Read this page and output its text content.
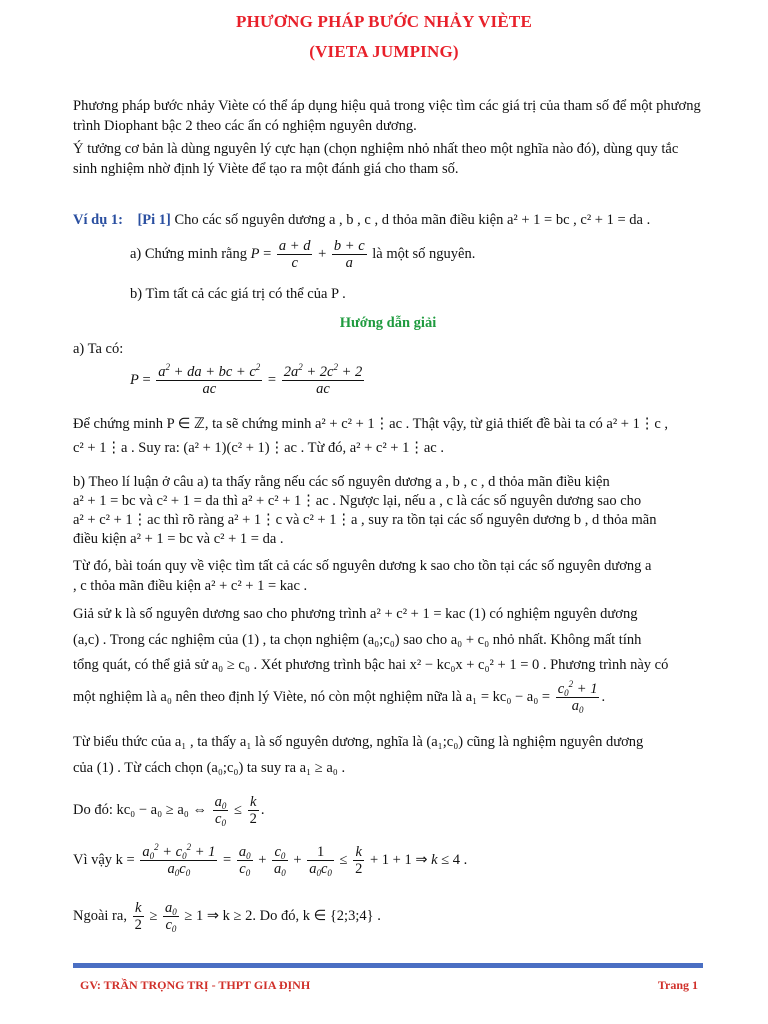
PHƯƠNG PHÁP BƯỚC NHẢY VIÈTE
(VIETA JUMPING)
Phương pháp bước nhảy Viète có thể áp dụng hiệu quả trong việc tìm các giá trị của tham số để một phương trình Diophant bậc 2 theo các ẩn có nghiệm nguyên dương.
Ý tưởng cơ bản là dùng nguyên lý cực hạn (chọn nghiệm nhỏ nhất theo một nghĩa nào đó), dùng quy tắc sinh nghiệm nhờ định lý Viète để tạo ra một đánh giá cho tham số.
Ví dụ 1: [Pi 1] Cho các số nguyên dương a , b , c , d thỏa mãn điều kiện a² + 1 = bc , c² + 1 = da .
a) Chứng minh rằng $P = \frac{a + d}{c} + \frac{b + c}{a}$ là một số nguyên.
b) Tìm tất cả các giá trị có thể của P .
Hướng dẫn giải
a) Ta có:
$P = \frac{a^2 + da + bc + c^2}{ac} = \frac{2a^2 + 2c^2 + 2}{ac}$
Để chứng minh P ∈ ℤ, ta sẽ chứng minh a² + c² + 1⋮ac . Thật vậy, từ giả thiết đề bài ta có a² + 1⋮c ,
c² + 1⋮a . Suy ra: (a² + 1)(c² + 1)⋮ac . Từ đó, a² + c² + 1⋮ac .
b) Theo lí luận ở câu a) ta thấy rằng nếu các số nguyên dương a , b , c , d thỏa mãn điều kiện
a² + 1 = bc và c² + 1 = da thì a² + c² + 1⋮ac . Ngược lại, nếu a , c là các số nguyên dương sao cho
a² + c² + 1⋮ac thì rõ ràng a² + 1⋮c và c² + 1⋮a , suy ra tồn tại các số nguyên dương b , d thỏa mãn
điều kiện a² + 1 = bc và c² + 1 = da .
Từ đó, bài toán quy về việc tìm tất cả các số nguyên dương k sao cho tồn tại các số nguyên dương a
, c thỏa mãn điều kiện a² + c² + 1 = kac .
Giả sử k là số nguyên dương sao cho phương trình a² + c² + 1 = kac (1) có nghiệm nguyên dương
(a,c) . Trong các nghiệm của (1) , ta chọn nghiệm (a₀;c₀) sao cho a₀ + c₀ nhỏ nhất. Không mất tính
tổng quát, có thể giả sử a₀ ≥ c₀ . Xét phương trình bậc hai x² − kc₀x + c₀² + 1 = 0 . Phương trình này có
một nghiệm là a₀ nên theo định lý Viète, nó còn một nghiệm nữa là $a_1 = kc_0 - a_0 = \frac{c_0^2 + 1}{a_0}$ .
Từ biểu thức của a₁ , ta thấy a₁ là số nguyên dương, nghĩa là (a₁;c₀) cũng là nghiệm nguyên dương
của (1) . Từ cách chọn (a₀;c₀) ta suy ra a₁ ≥ a₀ .
Do đó: kc₀ − a₀ ≥ a₀ ⇔ $\frac{a_0}{c_0} \le \frac{k}{2}$ .
Vì vậy $k = \frac{a_0^2 + c_0^2 + 1}{a_0c_0} = \frac{a_0}{c_0} + \frac{c_0}{a_0} + \frac{1}{a_0c_0} \le \frac{k}{2} + 1 + 1$ ⇒ k ≤ 4 .
Ngoài ra, $\frac{k}{2} \ge \frac{a_0}{c_0} \ge 1$ ⇒ k ≥ 2. Do đó, k ∈ {2;3;4} .
GV: TRẦN TRỌNG TRỊ - THPT GIA ĐỊNH	Trang 1
